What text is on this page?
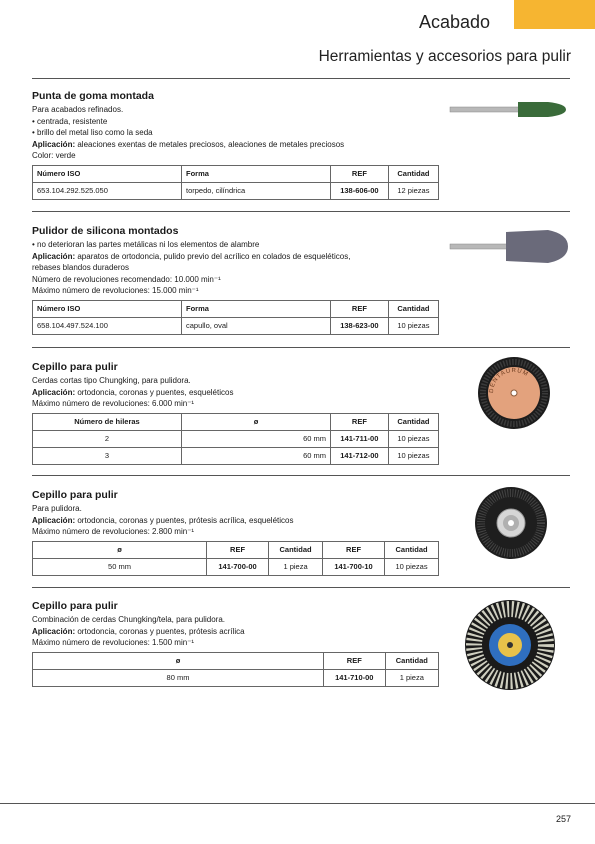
Acabado
Herramientas y accesorios para pulir
Punta de goma montada
Para acabados refinados.
• centrada, resistente
• brillo del metal liso como la seda
Aplicación: aleaciones exentas de metales preciosos, aleaciones de metales preciosos
Color: verde
Número ISO	Forma	REF	Cantidad
653.104.292.525.050	torpedo, cilíndrica	138-606-00	12 piezas
Pulidor de silicona montados
• no deterioran las partes metálicas ni los elementos de alambre
Aplicación: aparatos de ortodoncia, pulido previo del acrílico en colados de esqueléticos,
rebases blandos duraderos
Número de revoluciones recomendado: 10.000 min⁻¹
Máximo número de revoluciones: 15.000 min⁻¹
Número ISO	Forma	REF	Cantidad
658.104.497.524.100	capullo, oval	138-623-00	10 piezas
Cepillo para pulir
Cerdas cortas tipo Chungking, para pulidora.
Aplicación: ortodoncia, coronas y puentes, esqueléticos
Máximo número de revoluciones: 6.000 min⁻¹
Número de hileras	ø	REF	Cantidad
2	60 mm	141-711-00	10 piezas
3	60 mm	141-712-00	10 piezas
DENTAURUM
Cepillo para pulir
Para pulidora.
Aplicación: ortodoncia, coronas y puentes, prótesis acrílica, esqueléticos
Máximo número de revoluciones: 2.800 min⁻¹
ø	REF	Cantidad	REF	Cantidad
50 mm	141-700-00	1 pieza	141-700-10	10 piezas
Cepillo para pulir
Combinación de cerdas Chungking/tela, para pulidora.
Aplicación: ortodoncia, coronas y puentes, prótesis acrílica
Máximo número de revoluciones: 1.500 min⁻¹
ø	REF	Cantidad
80 mm	141-710-00	1 pieza
257
